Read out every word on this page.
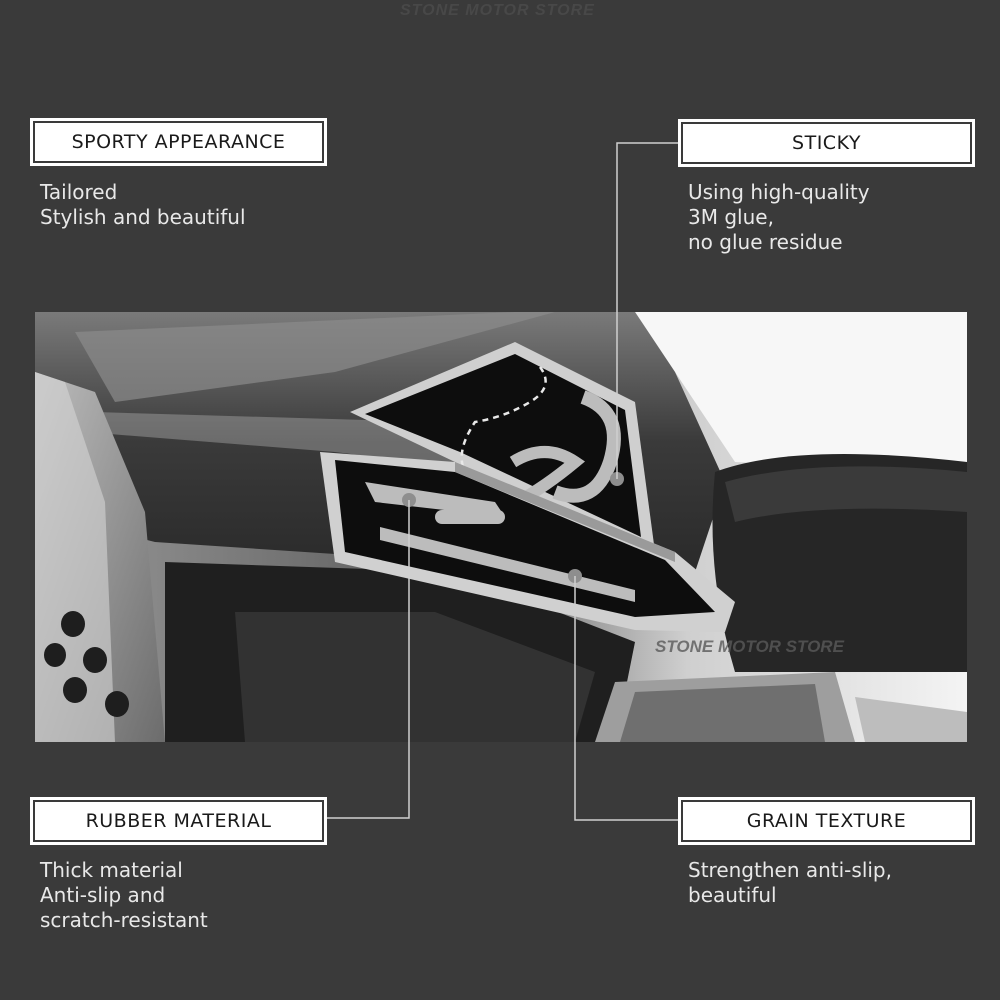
STONE MOTOR STORE
SPORTY APPEARANCE
Tailored
Stylish and beautiful
STICKY
Using high-quality
3M glue,
no glue residue
STONE MOTOR STORE
RUBBER MATERIAL
Thick material
Anti-slip and
scratch-resistant
GRAIN TEXTURE
Strengthen anti-slip,
beautiful
